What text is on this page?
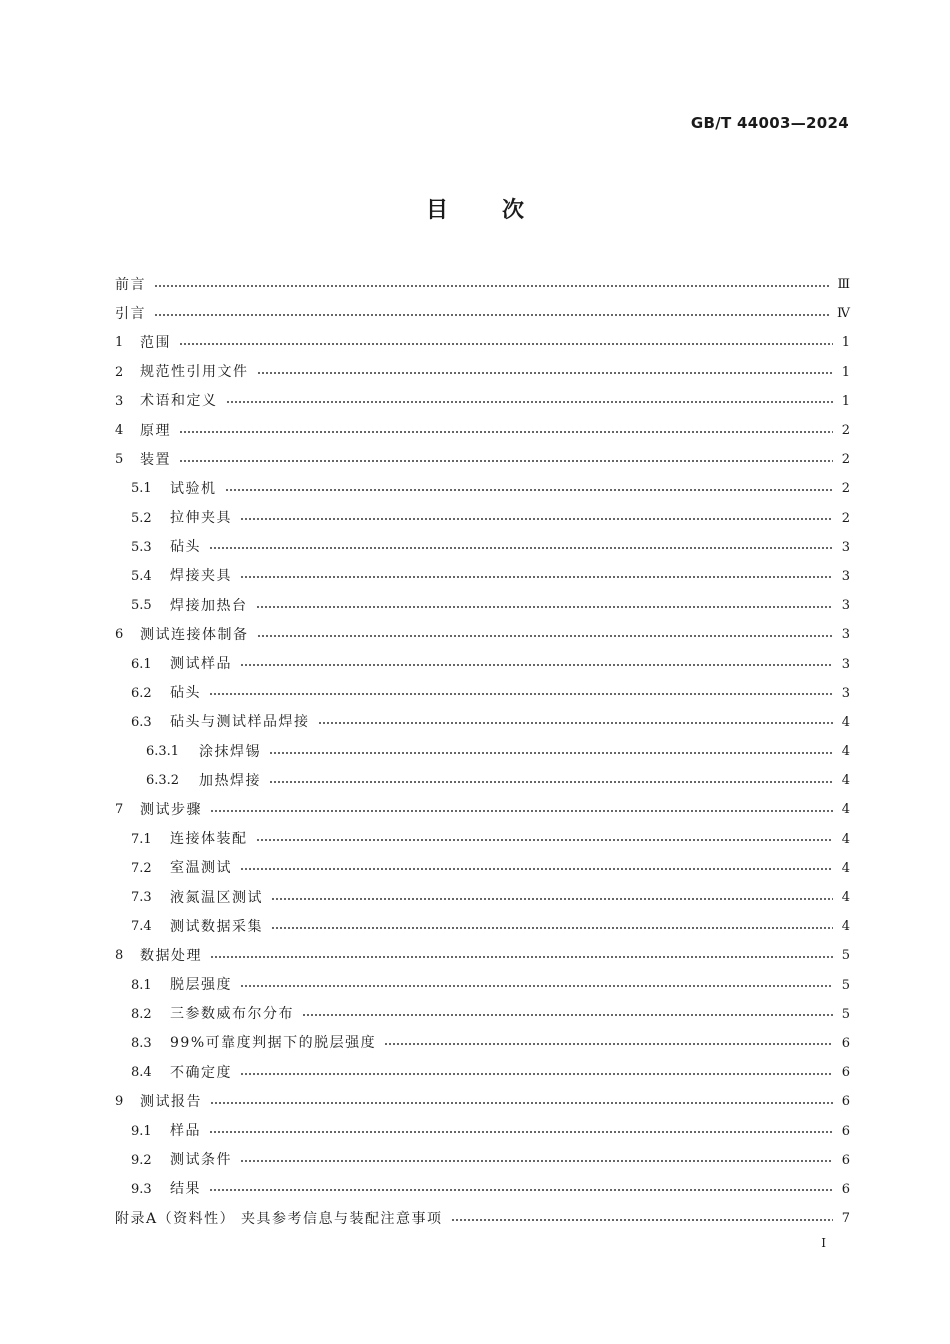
GB/T 44003—2024
目次
前言	Ⅲ
引言	Ⅳ
1	范围	1
2	规范性引用文件	1
3	术语和定义	1
4	原理	2
5	装置	2
5.1	试验机	2
5.2	拉伸夹具	2
5.3	砧头	3
5.4	焊接夹具	3
5.5	焊接加热台	3
6	测试连接体制备	3
6.1	测试样品	3
6.2	砧头	3
6.3	砧头与测试样品焊接	4
6.3.1	涂抹焊锡	4
6.3.2	加热焊接	4
7	测试步骤	4
7.1	连接体装配	4
7.2	室温测试	4
7.3	液氮温区测试	4
7.4	测试数据采集	4
8	数据处理	5
8.1	脱层强度	5
8.2	三参数威布尔分布	5
8.3	99%可靠度判据下的脱层强度	6
8.4	不确定度	6
9	测试报告	6
9.1	样品	6
9.2	测试条件	6
9.3	结果	6
附录A（资料性） 夹具参考信息与装配注意事项	7
I
